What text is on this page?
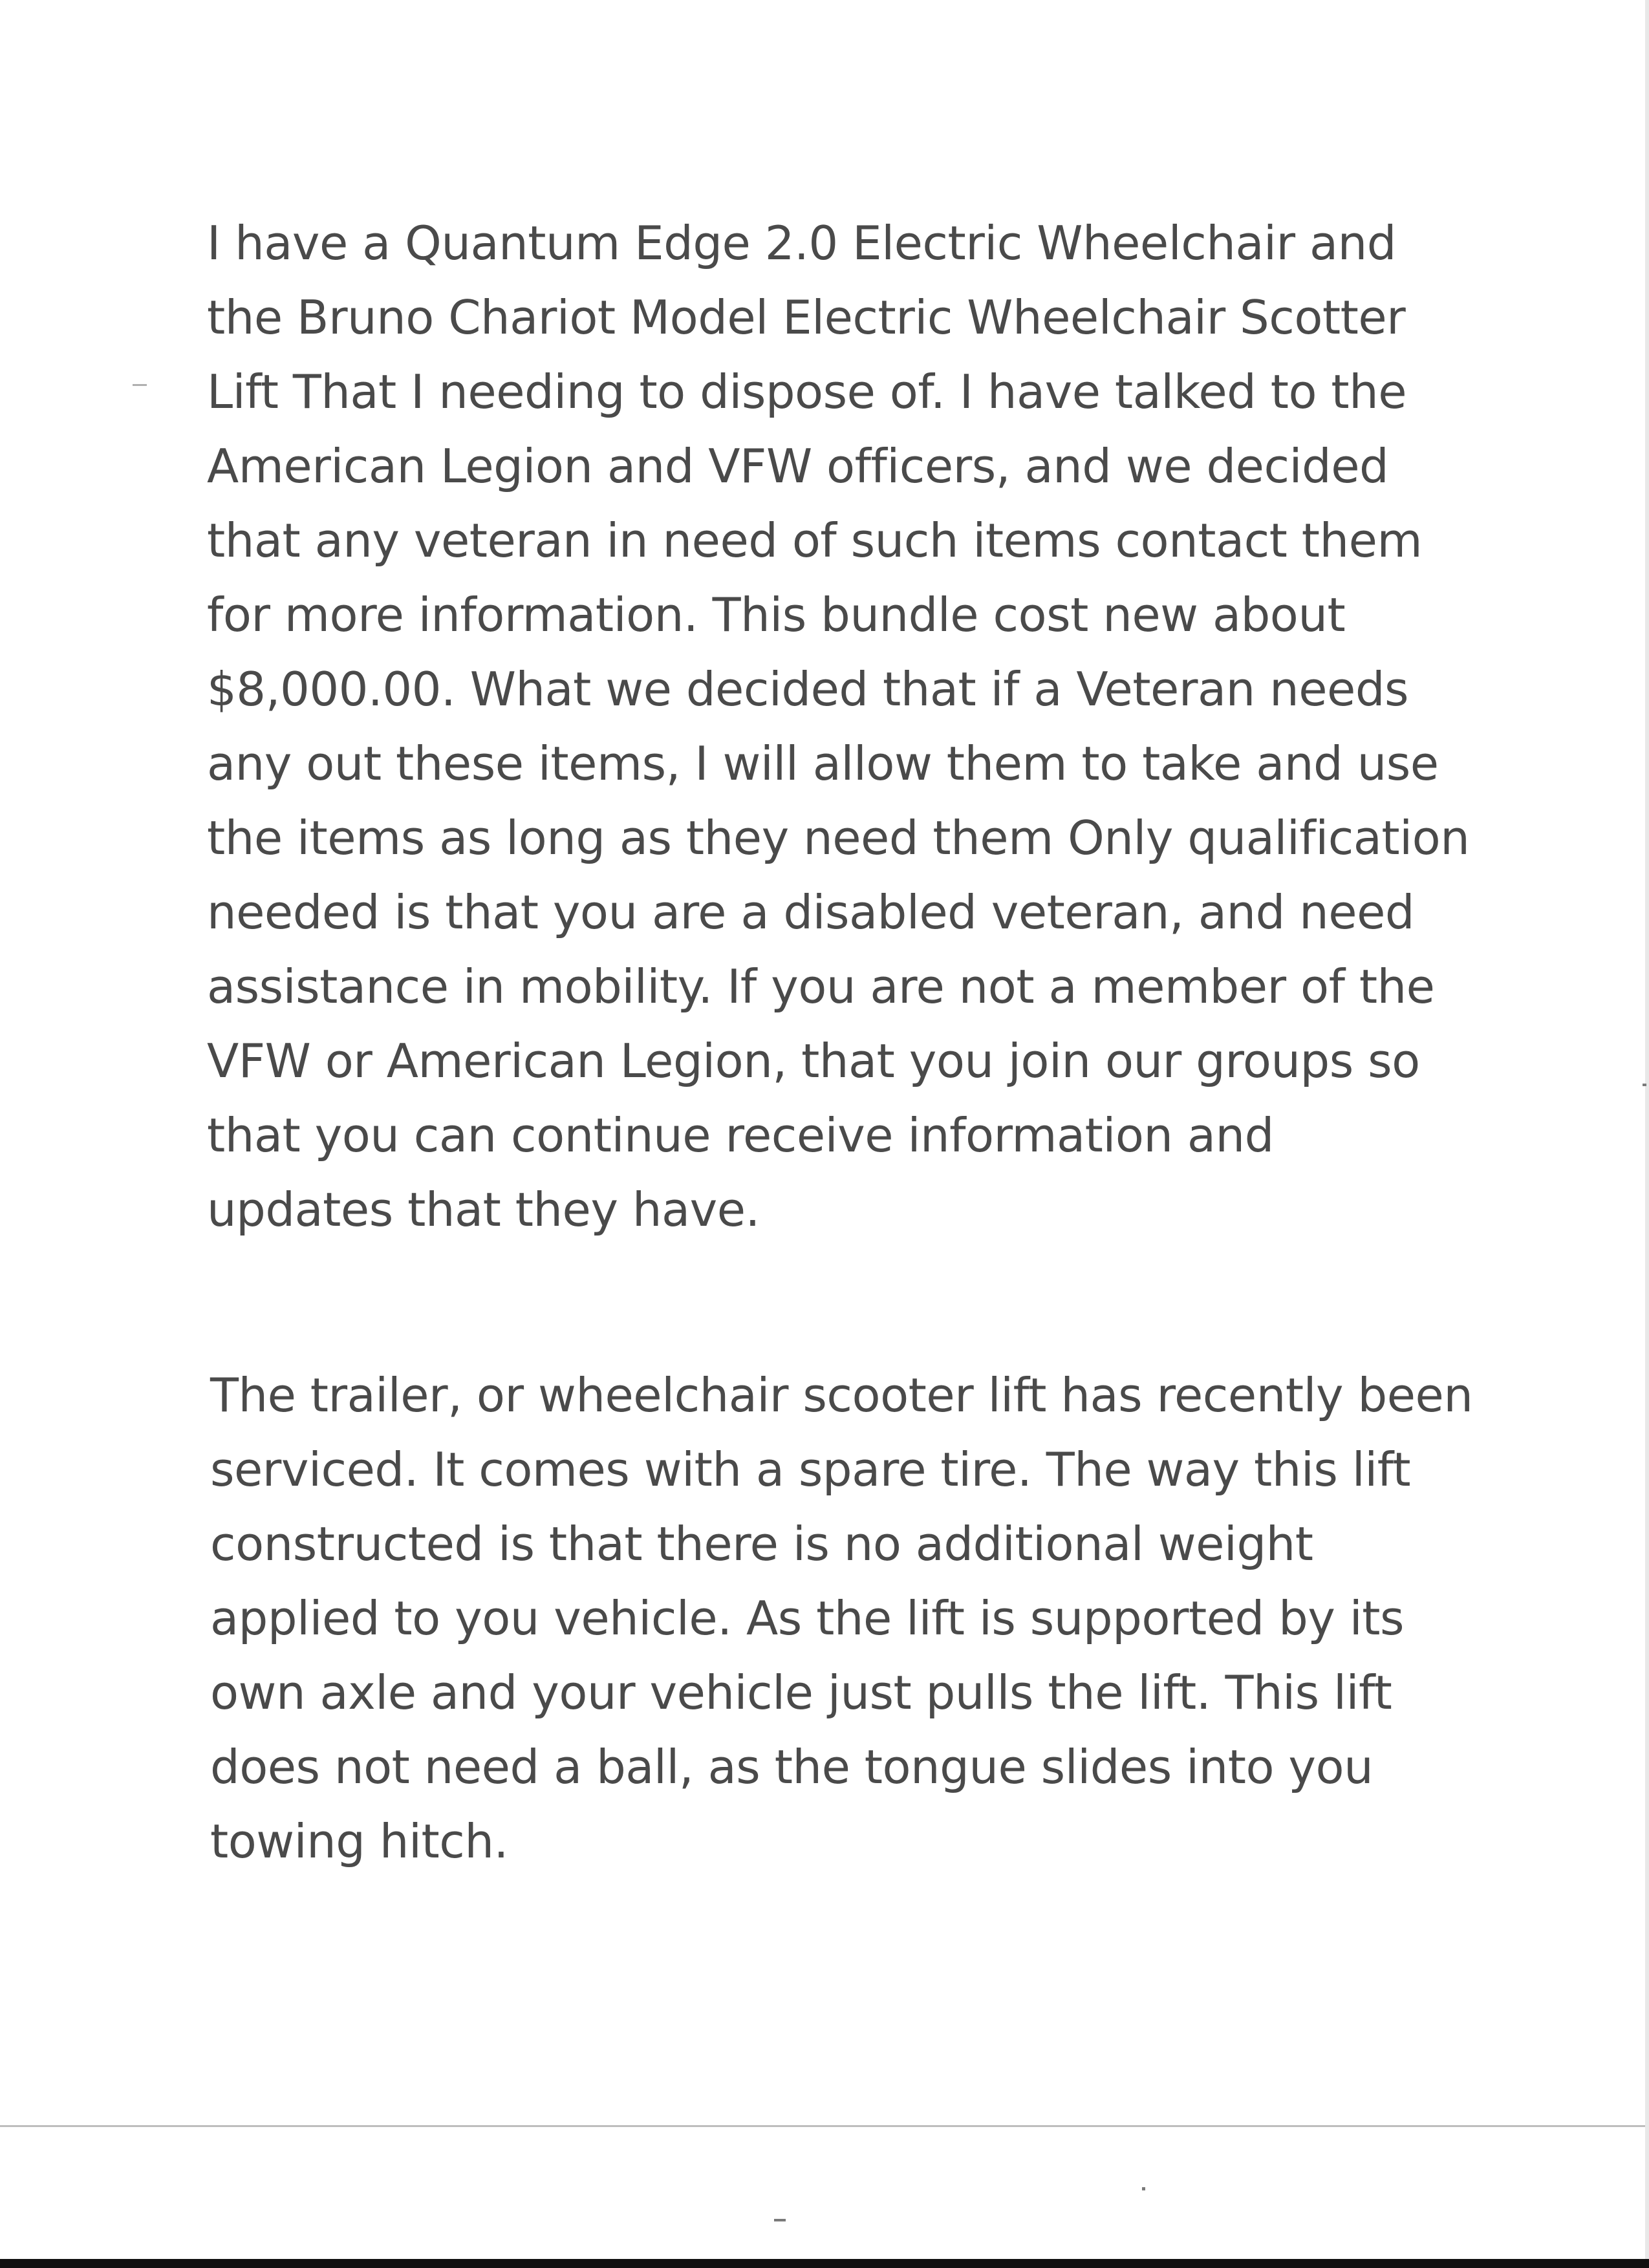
I have a Quantum Edge 2.0 Electric Wheelchair and
the Bruno Chariot Model Electric Wheelchair Scotter
Lift That I needing to dispose of. I have talked to the
American Legion and VFW officers, and we decided
that any veteran in need of such items contact them
for more information. This bundle cost new about
$8,000.00. What we decided that if a Veteran needs
any out these items, I will allow them to take and use
the items as long as they need them Only qualification
needed is that you are a disabled veteran, and need
assistance in mobility. If you are not a member of the
VFW or American Legion, that you join our groups so
that you can continue receive information and
updates that they have.
The trailer, or wheelchair scooter lift has recently been
serviced. It comes with a spare tire. The way this lift
constructed is that there is no additional weight
applied to you vehicle. As the lift is supported by its
own axle and your vehicle just pulls the lift. This lift
does not need a ball, as the tongue slides into you
towing hitch.
